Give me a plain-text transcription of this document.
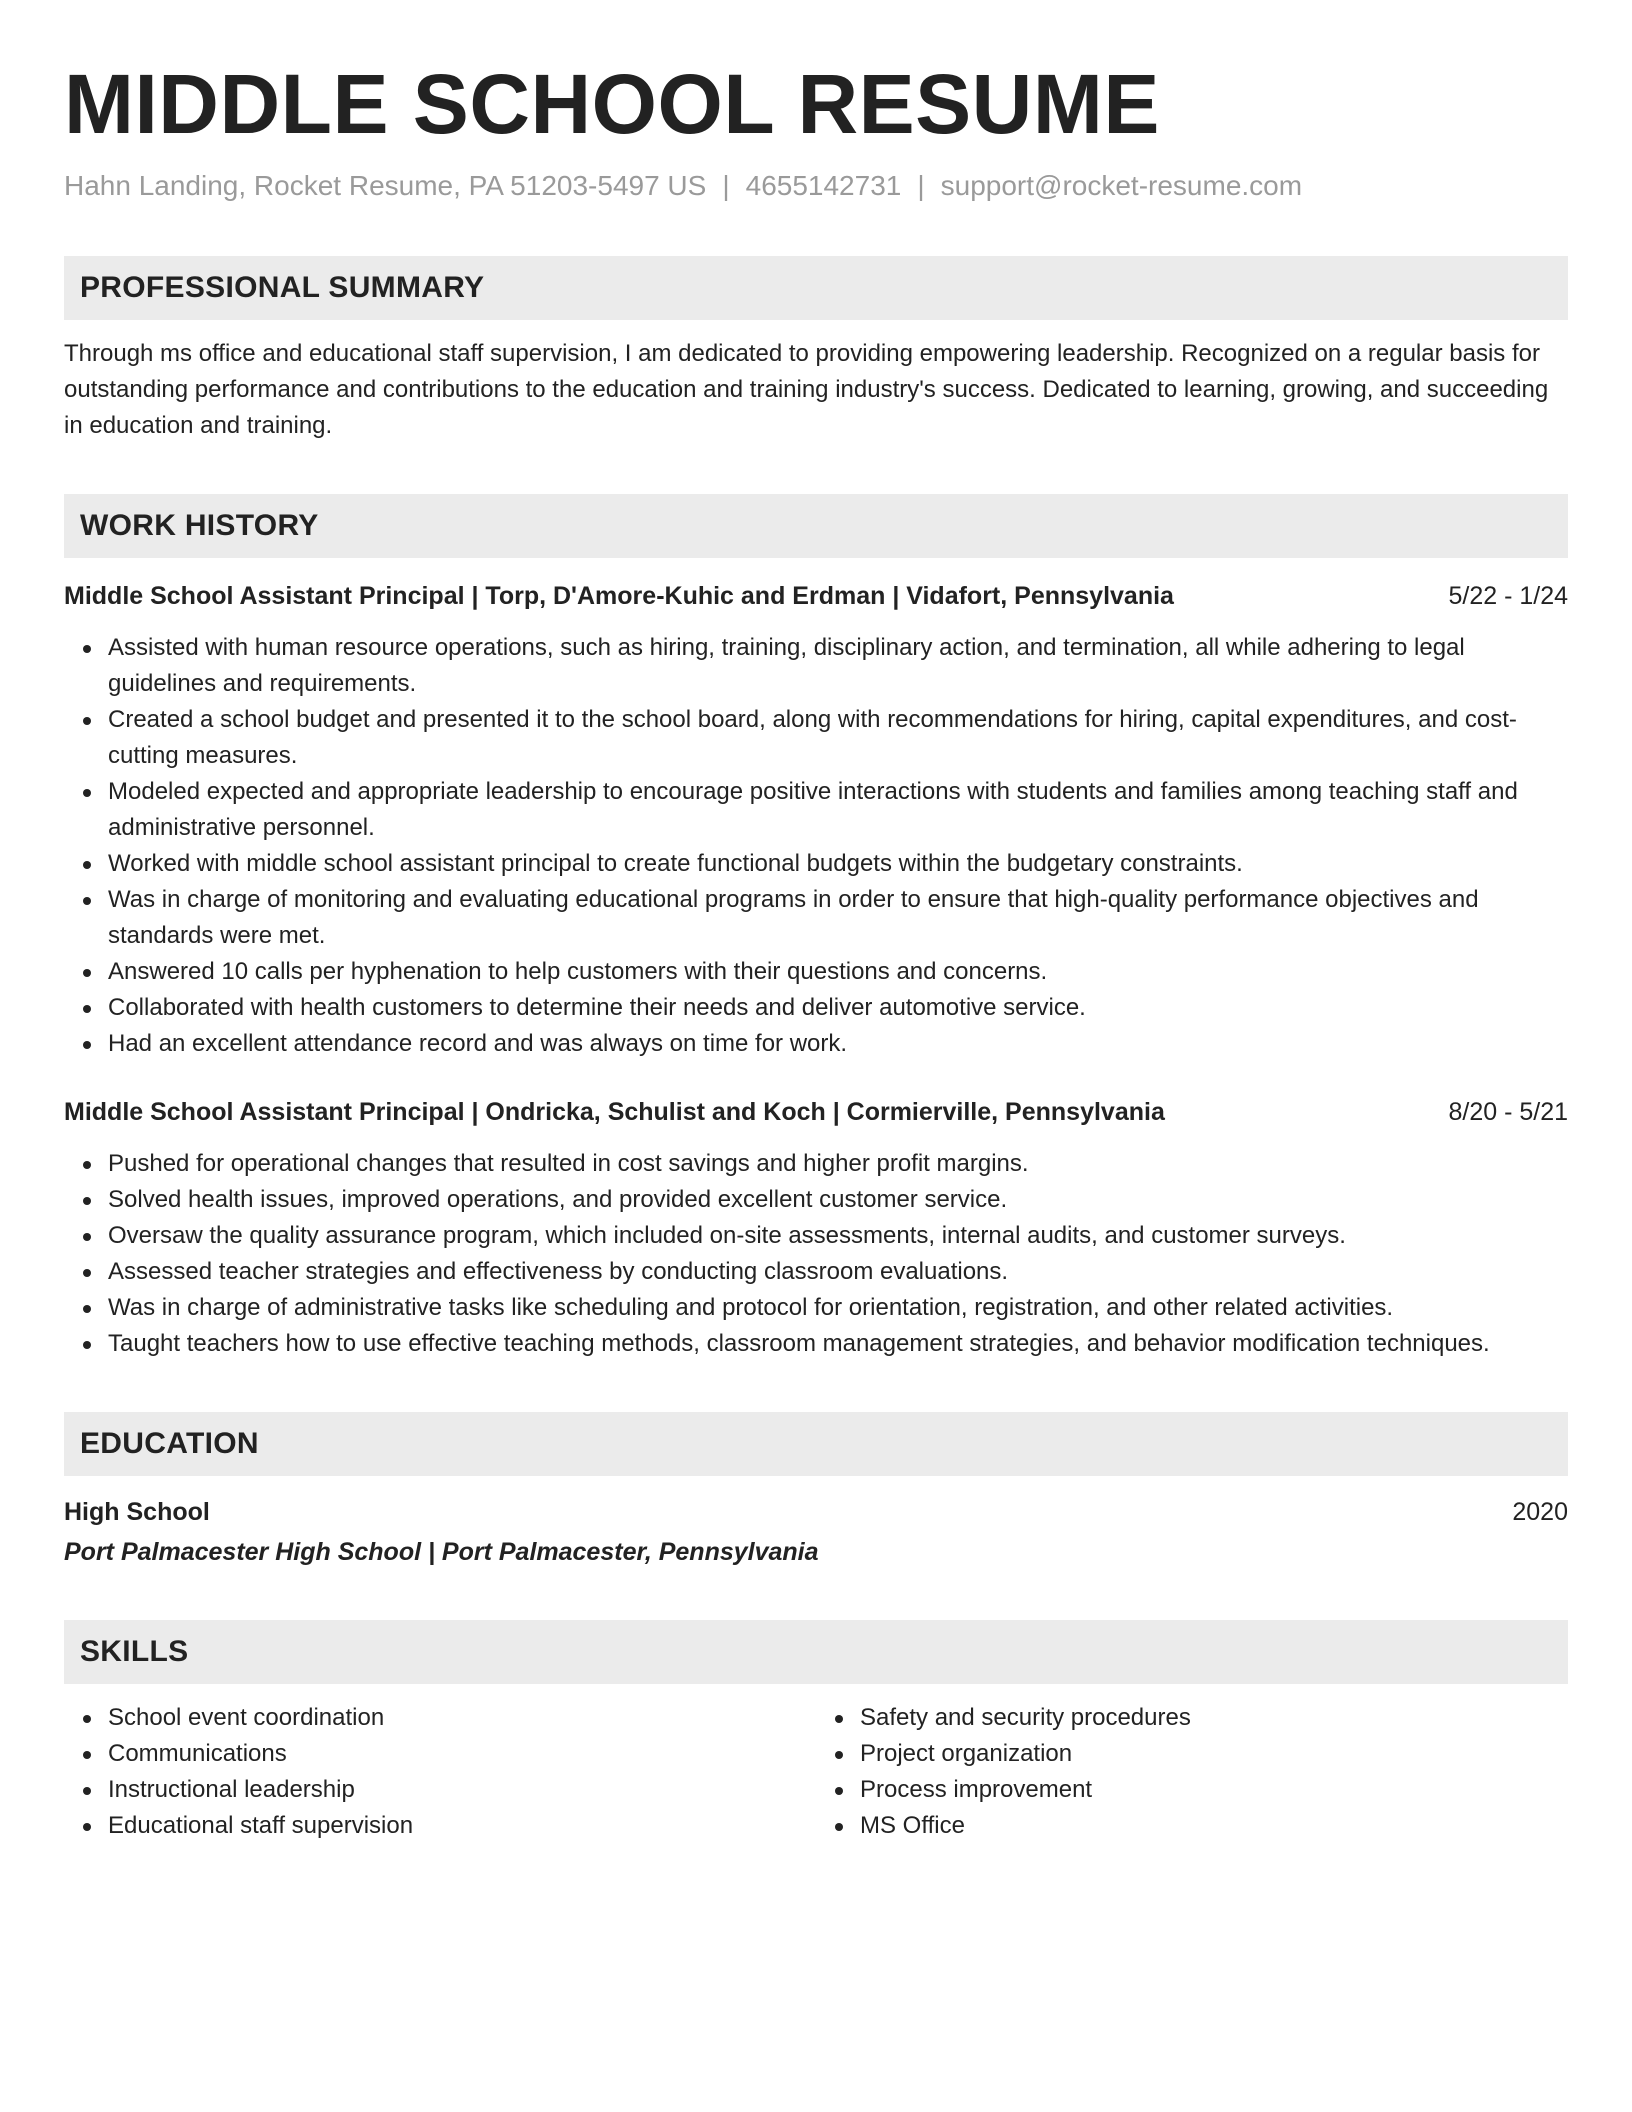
MIDDLE SCHOOL RESUME
Hahn Landing, Rocket Resume, PA 51203-5497 US | 4655142731 | support@rocket-resume.com
PROFESSIONAL SUMMARY
Through ms office and educational staff supervision, I am dedicated to providing empowering leadership. Recognized on a regular basis for outstanding performance and contributions to the education and training industry's success. Dedicated to learning, growing, and succeeding in education and training.
WORK HISTORY
Middle School Assistant Principal | Torp, D'Amore-Kuhic and Erdman | Vidafort, Pennsylvania	5/22 - 1/24
Assisted with human resource operations, such as hiring, training, disciplinary action, and termination, all while adhering to legal guidelines and requirements.
Created a school budget and presented it to the school board, along with recommendations for hiring, capital expenditures, and cost-cutting measures.
Modeled expected and appropriate leadership to encourage positive interactions with students and families among teaching staff and administrative personnel.
Worked with middle school assistant principal to create functional budgets within the budgetary constraints.
Was in charge of monitoring and evaluating educational programs in order to ensure that high-quality performance objectives and standards were met.
Answered 10 calls per hyphenation to help customers with their questions and concerns.
Collaborated with health customers to determine their needs and deliver automotive service.
Had an excellent attendance record and was always on time for work.
Middle School Assistant Principal | Ondricka, Schulist and Koch | Cormierville, Pennsylvania	8/20 - 5/21
Pushed for operational changes that resulted in cost savings and higher profit margins.
Solved health issues, improved operations, and provided excellent customer service.
Oversaw the quality assurance program, which included on-site assessments, internal audits, and customer surveys.
Assessed teacher strategies and effectiveness by conducting classroom evaluations.
Was in charge of administrative tasks like scheduling and protocol for orientation, registration, and other related activities.
Taught teachers how to use effective teaching methods, classroom management strategies, and behavior modification techniques.
EDUCATION
High School	2020
Port Palmacester High School | Port Palmacester, Pennsylvania
SKILLS
School event coordination
Communications
Instructional leadership
Educational staff supervision
Safety and security procedures
Project organization
Process improvement
MS Office
